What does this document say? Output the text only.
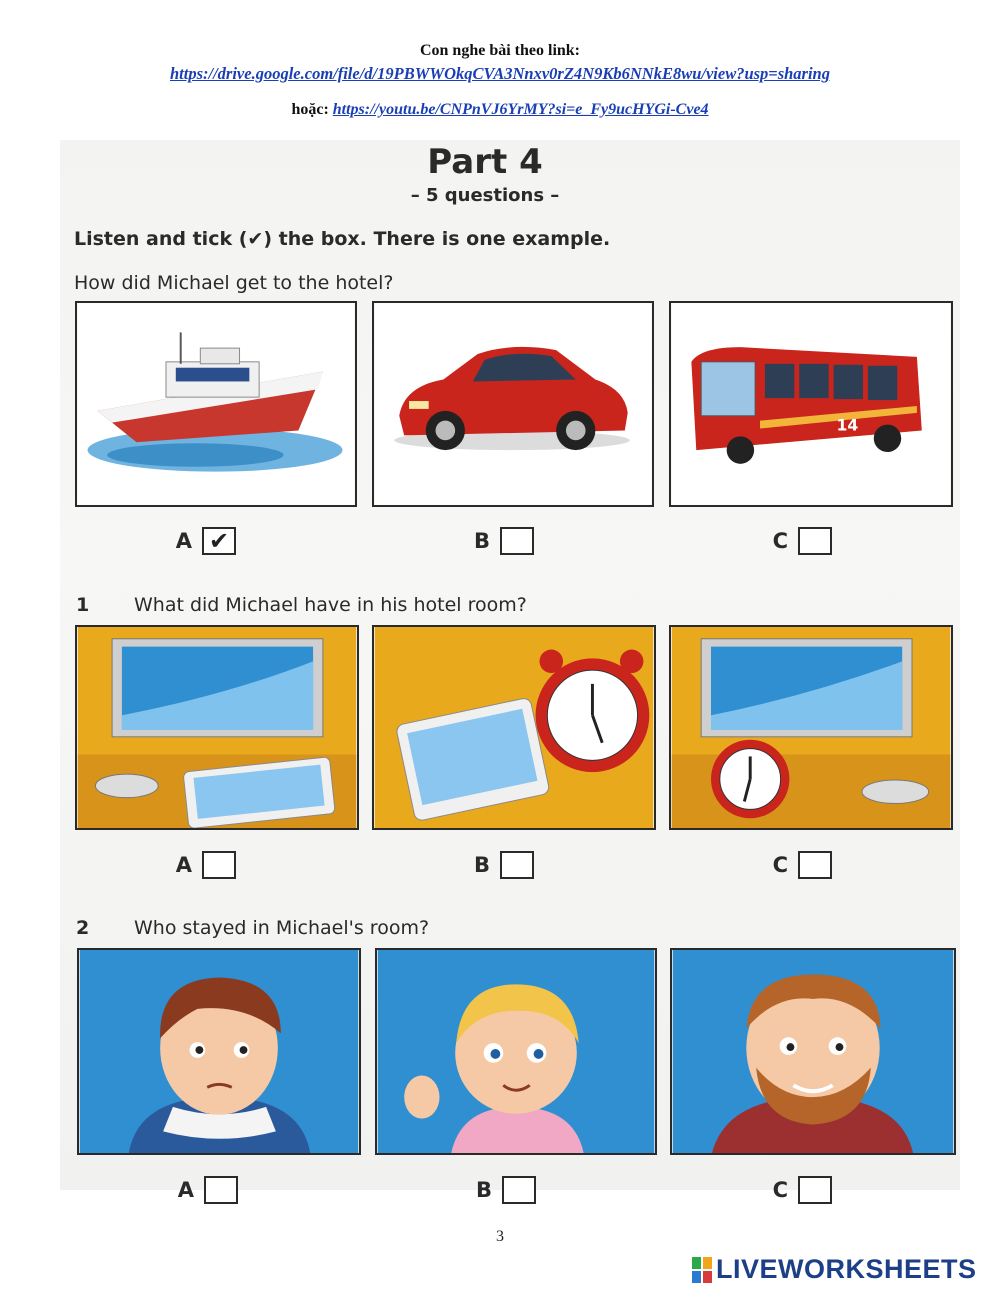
Con nghe bài theo link:
https://drive.google.com/file/d/19PBWWOkqCVA3Nnxv0rZ4N9Kb6NNkE8wu/view?usp=sharing
hoặc: https://youtu.be/CNPnVJ6YrMY?si=e_Fy9ucHYGi-Cve4
Part 4
– 5 questions –
Listen and tick (✔) the box. There is one example.
How did Michael get to the hotel?
14
A ✔	B	C
1 What did Michael have in his hotel room?
A	B	C
2 Who stayed in Michael's room?
A	B	C
3
LIVEWORKSHEETS
